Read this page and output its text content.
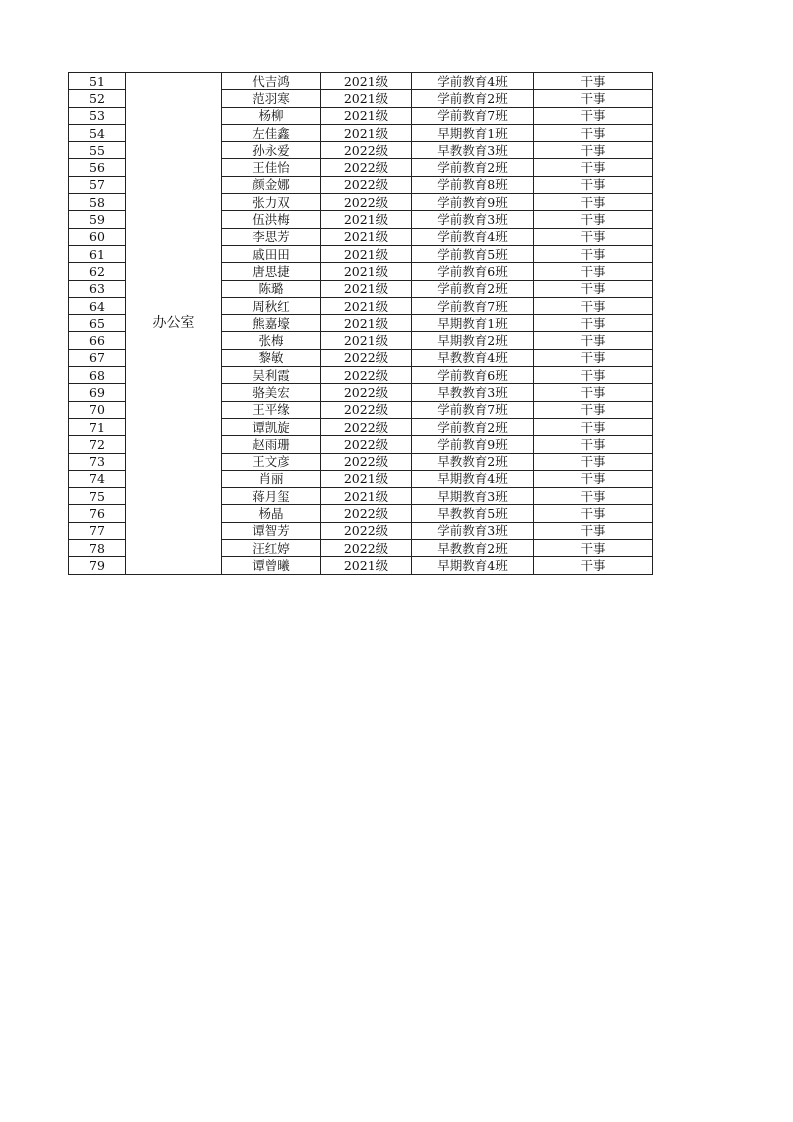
51	办公室	代吉鸿	2021级	学前教育4班	干事
52		范羽寒	2021级	学前教育2班	干事
53		杨柳	2021级	学前教育7班	干事
54		左佳鑫	2021级	早期教育1班	干事
55		孙永爱	2022级	早教教育3班	干事
56		王佳怡	2022级	学前教育2班	干事
57		颜金娜	2022级	学前教育8班	干事
58		张力双	2022级	学前教育9班	干事
59		伍洪梅	2021级	学前教育3班	干事
60		李思芳	2021级	学前教育4班	干事
61		戚田田	2021级	学前教育5班	干事
62		唐思捷	2021级	学前教育6班	干事
63		陈璐	2021级	学前教育2班	干事
64		周秋红	2021级	学前教育7班	干事
65		熊嘉壕	2021级	早期教育1班	干事
66		张梅	2021级	早期教育2班	干事
67		黎敏	2022级	早教教育4班	干事
68		吴利霞	2022级	学前教育6班	干事
69		骆美宏	2022级	早教教育3班	干事
70		王平缘	2022级	学前教育7班	干事
71		谭凯旋	2022级	学前教育2班	干事
72		赵雨珊	2022级	学前教育9班	干事
73		王文彦	2022级	早教教育2班	干事
74		肖丽	2021级	早期教育4班	干事
75		蒋月玺	2021级	早期教育3班	干事
76		杨晶	2022级	早教教育5班	干事
77		谭智芳	2022级	学前教育3班	干事
78		汪红婷	2022级	早教教育2班	干事
79		谭曾曦	2021级	早期教育4班	干事
